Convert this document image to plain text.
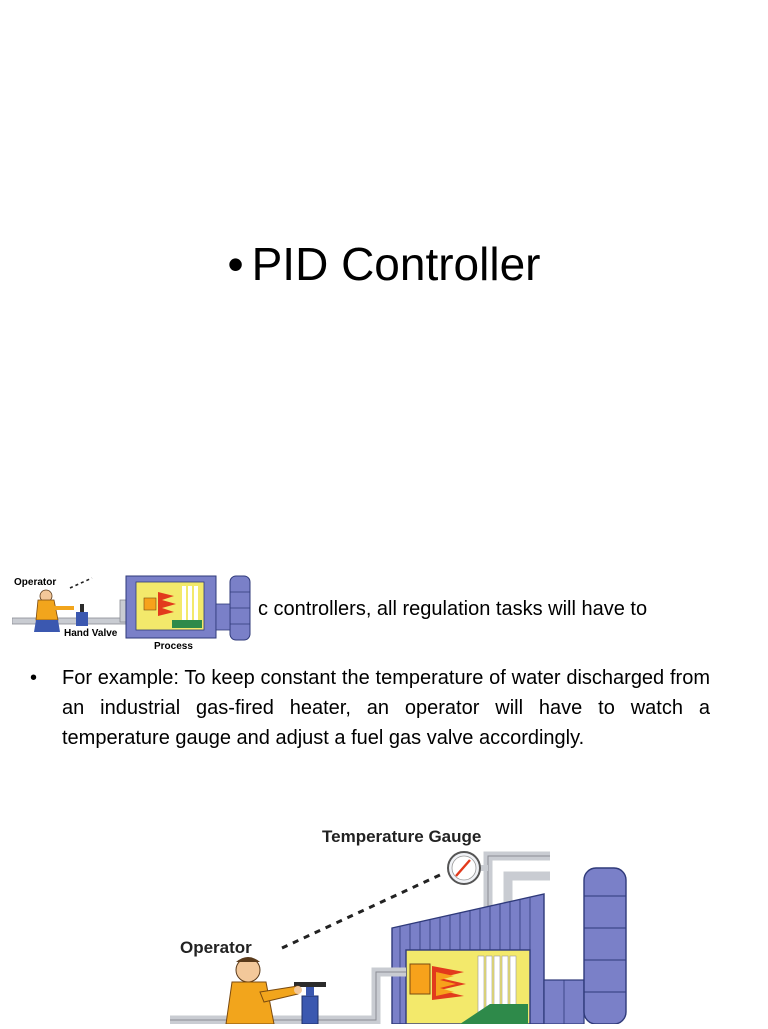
• PID Controller
Operator
Hand Valve
Process
c controllers, all regulation tasks will have to
• For example: To keep constant the temperature of water discharged from an industrial gas-fired heater, an operator will have to watch a temperature gauge and adjust a fuel gas valve accordingly.
Temperature Gauge
Operator
